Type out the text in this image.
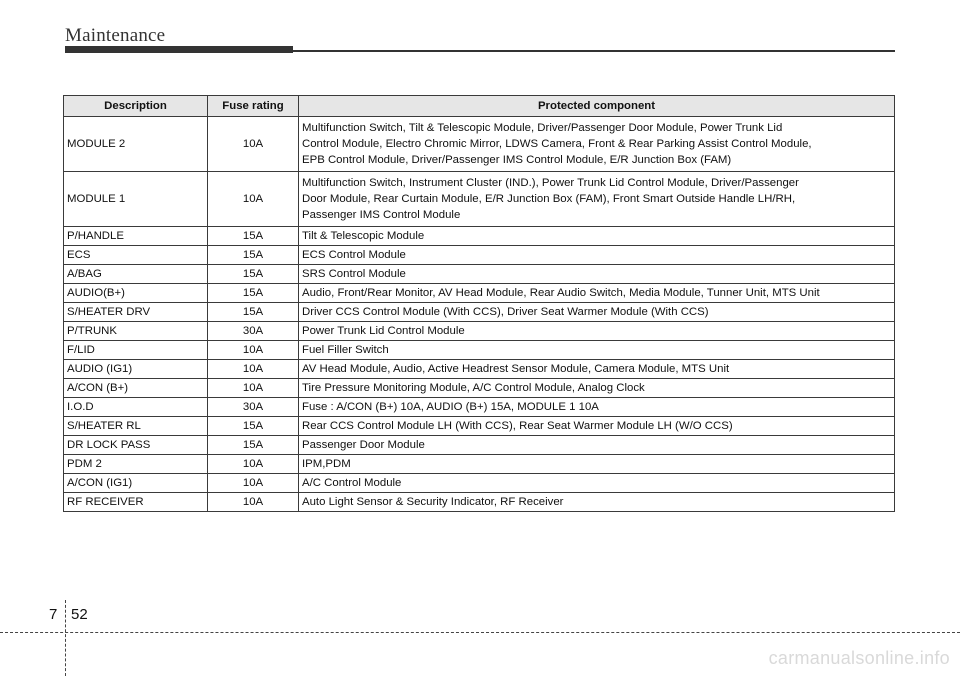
Maintenance
Description	Fuse rating	Protected component
MODULE 2	10A	Multifunction Switch, Tilt & Telescopic Module, Driver/Passenger Door Module, Power Trunk Lid
Control Module, Electro Chromic Mirror, LDWS Camera, Front & Rear Parking Assist Control Module,
EPB Control Module, Driver/Passenger IMS Control Module, E/R Junction Box (FAM)

MODULE 1	10A	Multifunction Switch, Instrument Cluster (IND.), Power Trunk Lid Control Module, Driver/Passenger
Door Module, Rear Curtain Module, E/R Junction Box (FAM), Front Smart Outside Handle LH/RH,
Passenger IMS Control Module

P/HANDLE	15A	Tilt & Telescopic Module

ECS	15A	ECS Control Module

A/BAG	15A	SRS Control Module

AUDIO(B+)	15A	Audio, Front/Rear Monitor, AV Head Module, Rear Audio Switch, Media Module, Tunner Unit, MTS Unit

S/HEATER DRV	15A	Driver CCS Control Module (With CCS), Driver Seat Warmer Module (With CCS)

P/TRUNK	30A	Power Trunk Lid Control Module

F/LID	10A	Fuel Filler Switch

AUDIO (IG1)	10A	AV Head Module, Audio, Active Headrest Sensor Module, Camera Module, MTS Unit

A/CON (B+)	10A	Tire Pressure Monitoring Module, A/C Control Module, Analog Clock

I.O.D	30A	Fuse : A/CON (B+) 10A, AUDIO (B+) 15A, MODULE 1 10A

S/HEATER RL	15A	Rear CCS Control Module LH (With CCS), Rear Seat Warmer Module LH (W/O CCS)

DR LOCK PASS	15A	Passenger Door Module

PDM 2	10A	IPM,PDM

A/CON (IG1)	10A	A/C Control Module

RF RECEIVER	10A	Auto Light Sensor & Security Indicator, RF Receiver
7 52
carmanualsonline.info
